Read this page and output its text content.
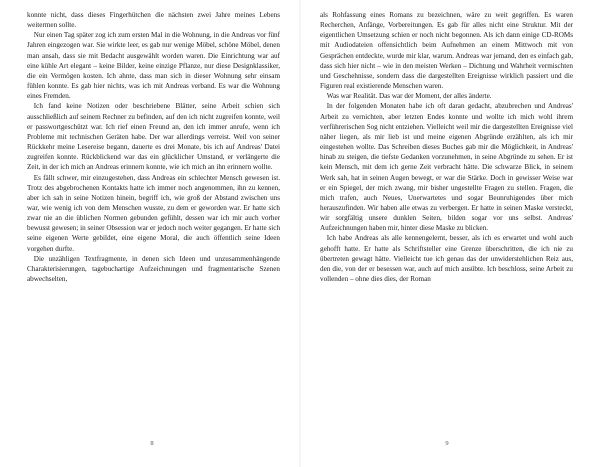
konnte nicht, dass dieses Fingerhütchen die nächsten zwei Jahre meines Lebens weitermen sollte.

Nur einen Tag später zog ich zum ersten Mal in die Wohnung, in die Andreas vor fünf Jahren eingezogen war. Sie wirkte leer, es gab nur wenige Möbel, schöne Möbel, denen man ansah, dass sie mit Bedacht ausgewählt worden waren. Die Einrichtung war auf eine kühle Art elegant – keine Bilder, keine einzige Pflanze, nur diese Designklassiker, die ein Vermögen kosten. Ich ahnte, dass man sich in dieser Wohnung sehr einsam fühlen konnte. Es gab hier nichts, was ich mit Andreas verband. Es war die Wohnung eines Fremden.

Ich fand keine Notizen oder beschriebene Blätter, seine Arbeit schien sich ausschließlich auf seinem Rechner zu befinden, auf den ich nicht zugreifen konnte, weil er passwortgeschützt war. Ich rief einen Freund an, den ich immer anrufe, wenn ich Probleme mit technischen Geräten habe. Der war allerdings verreist. Weil von seiner Rückkehr meine Lesereise begann, dauerte es drei Monate, bis ich auf Andreas' Datei zugreifen konnte. Rückblickend war das ein glücklicher Umstand, er verlängerte die Zeit, in der ich mich an Andreas erinnern konnte, wie ich mich an ihn erinnern wollte.

Es fällt schwer, mir einzugestehen, dass Andreas ein schlechter Mensch gewesen ist. Trotz des abgebrochenen Kontakts hatte ich immer noch angenommen, ihn zu kennen, aber ich sah in seine Notizen hinein, begriff ich, wie groß der Abstand zwischen uns war, wie wenig ich von dem Menschen wusste, zu dem er geworden war. Er hatte sich zwar nie an die üblichen Normen gebunden gefühlt, dessen war ich mir auch vorher bewusst gewesen; in seiner Obsession war er jedoch noch weiter gegangen. Er hatte sich seine eigenen Werte gebildet, eine eigene Moral, die auch öffentlich seine Ideen vorgehen durfte.

Die unzähligen Textfragmente, in denen sich Ideen und unzusammenhängende Charakterisierungen, tagebuchartige Aufzeichnungen und fragmentarische Szenen abwechselten,

8

als Rohfassung eines Romans zu bezeichnen, wäre zu weit gegriffen. Es waren Recherchen, Anfänge, Vorbereitungen. Es gab für alles nicht eine Struktur. Mit der eigentlichen Umsetzung schien er noch nicht begonnen. Als ich dann einige CD-ROMs mit Audiodateien offensichtlich beim Aufnehmen an einem Mittwoch mit von Gesprächen entdeckte, wurde mir klar, warum. Andreas war jemand, den es einfach gab, dass sich hier nicht – wie in den meisten Werken – Dichtung und Wahrheit vermischten und Geschehnisse, sondern dass die dargestellten Ereignisse wirklich passiert und die Figuren real existierende Menschen waren.

Was war Realität. Das war der Moment, der alles änderte.

In der folgenden Monaten habe ich oft daran gedacht, abzubrechen und Andreas' Arbeit zu vernichten, aber letzten Endes konnte und wollte ich mich wohl ihrem verführerischen Sog nicht entziehen. Vielleicht weil mir die dargestellten Ereignisse viel näher liegen, als mir lieb ist und meine eigenen Abgründe erzählten, als ich mir eingestehen wollte. Das Schreiben dieses Buches gab mir die Möglichkeit, in Andreas' hinab zu steigen, die tiefste Gedanken vorzunehmen, in seine Abgründe zu sehen. Er ist kein Mensch, mit dem ich gerne Zeit verbracht hätte. Die schwarze Blick, in seinem Werk sah, hat in seinen Augen bewegt, er war die Stärke. Doch in gewisser Weise war er ein Spiegel, der mich zwang, mir bisher ungestellte Fragen zu stellen. Fragen, die mich trafen, auch Neues, Unerwartetes und sogar Beunruhigendes über mich herauszufinden. Wir haben alle etwas zu verbergen. Er hatte in seinen Maske versteckt, wir sorgfältig unsere dunklen Seiten, bilden sogar vor uns selbst. Andreas' Aufzeichnungen haben mir, hinter diese Maske zu blicken.

Ich habe Andreas als alle kennengelernt, besser, als ich es erwartet und wohl auch gehofft hatte. Er hatte als Schriftsteller eine Grenze überschritten, die ich nie zu übertreten gewagt hätte. Vielleicht tue ich genau das der unwiderstehlichen Reiz aus, den die, von der er besessen war, auch auf mich ausübte. Ich beschloss, seine Arbeit zu vollenden – ohne dies dies, der Roman

9
